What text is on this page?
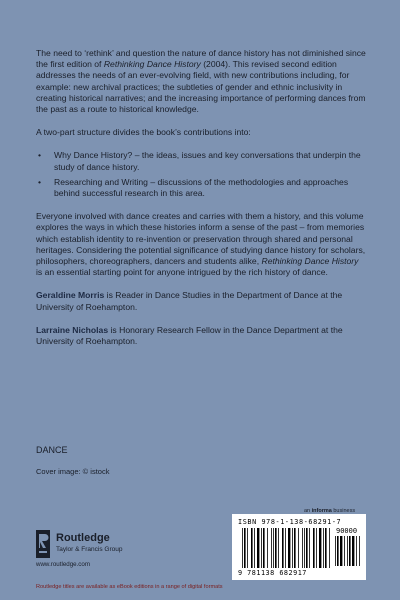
The need to ‘rethink’ and question the nature of dance history has not diminished since the first edition of Rethinking Dance History (2004). This revised second edition addresses the needs of an ever-evolving field, with new contributions including, for example: new archival practices; the subtleties of gender and ethnic inclusivity in creating historical narratives; and the increasing importance of performing dances from the past as a route to historical knowledge.

A two-part structure divides the book’s contributions into:

• Why Dance History? – the ideas, issues and key conversations that underpin the study of dance history.
• Researching and Writing – discussions of the methodologies and approaches behind successful research in this area.

Everyone involved with dance creates and carries with them a history, and this volume explores the ways in which these histories inform a sense of the past – from memories which establish identity to re-invention or preservation through shared and personal heritages. Considering the potential significance of studying dance history for scholars, philosophers, choreographers, dancers and students alike, Rethinking Dance History is an essential starting point for anyone intrigued by the rich history of dance.

Geraldine Morris is Reader in Dance Studies in the Department of Dance at the University of Roehampton.

Larraine Nicholas is Honorary Research Fellow in the Dance Department at the University of Roehampton.

DANCE
Cover image: © istock
Routledge
Taylor & Francis Group
www.routledge.com
an informa business
ISBN 978-1-138-68291-7
90000
9 781138 682917
Routledge titles are available as eBook editions in a range of digital formats
